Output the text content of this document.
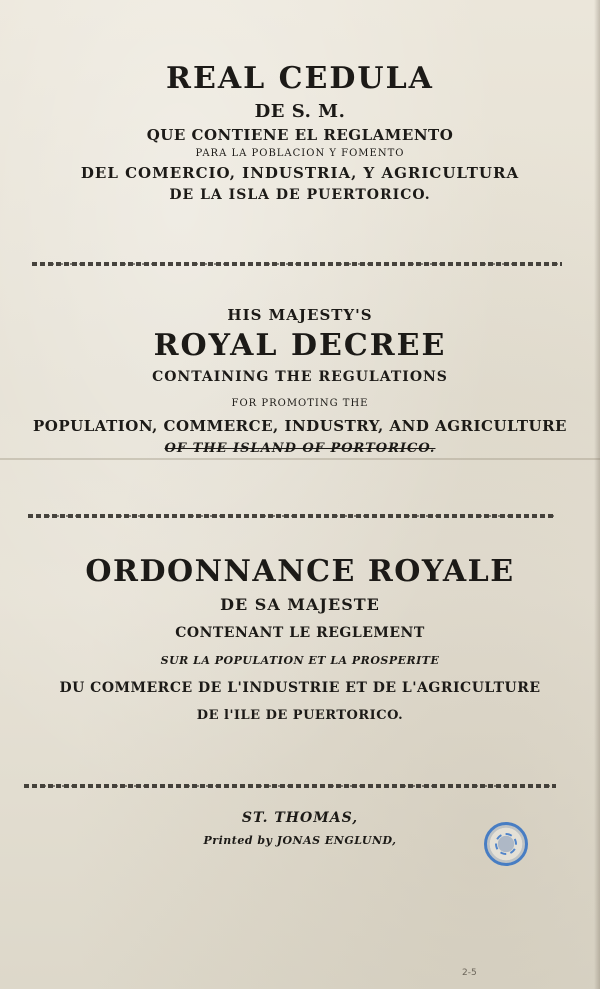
REAL CEDULA

DE S. M.

QUE CONTIENE EL REGLAMENTO

PARA LA POBLACION Y FOMENTO

DEL COMERCIO, INDUSTRIA, Y AGRICULTURA

DE LA ISLA DE PUERTORICO.

HIS MAJESTY'S

ROYAL DECREE

CONTAINING THE REGULATIONS

FOR PROMOTING THE

POPULATION, COMMERCE, INDUSTRY, AND AGRICULTURE

OF THE ISLAND OF PORTORICO.

ORDONNANCE ROYALE

DE SA MAJESTE

CONTENANT LE REGLEMENT

SUR LA POPULATION ET LA PROSPERITE

DU COMMERCE DE L'INDUSTRIE ET DE L'AGRICULTURE

DE l'ILE DE PUERTORICO.

ST. THOMAS,

Printed by JONAS ENGLUND,

2-5
